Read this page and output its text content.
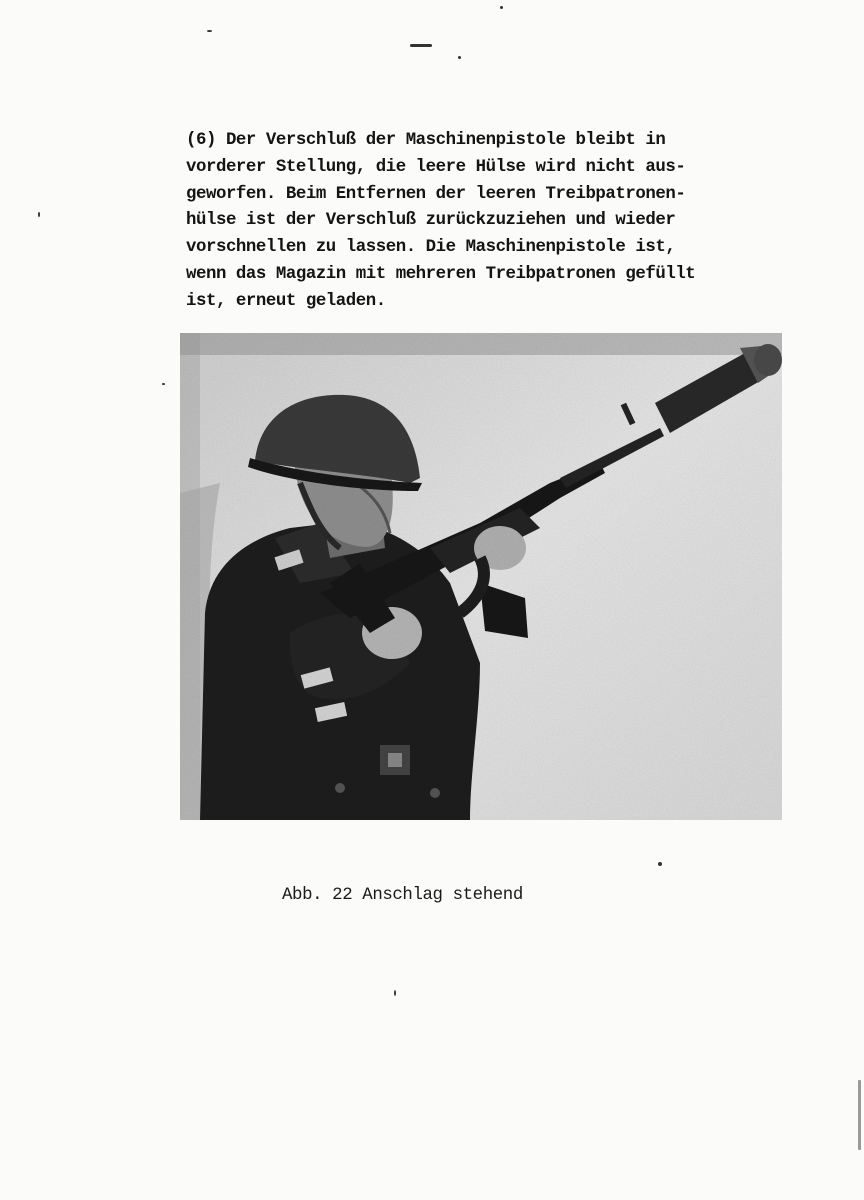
(6) Der Verschluß der Maschinenpistole bleibt in
vorderer Stellung, die leere Hülse wird nicht aus-
geworfen. Beim Entfernen der leeren Treibpatronen-
hülse ist der Verschluß zurückzuziehen und wieder
vorschnellen zu lassen. Die Maschinenpistole ist,
wenn das Magazin mit mehreren Treibpatronen gefüllt
ist, erneut geladen.

Abb. 22 Anschlag stehend
